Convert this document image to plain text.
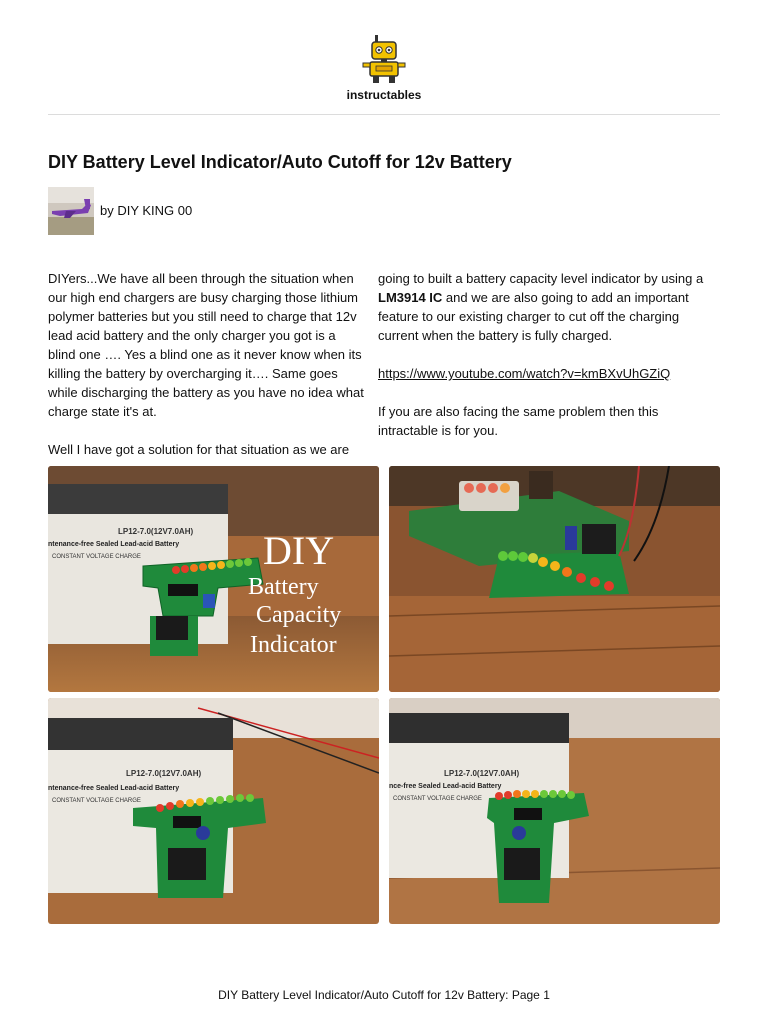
instructables
DIY Battery Level Indicator/Auto Cutoff for 12v Battery
by DIY KING 00

DIYers...We have all been through the situation when our high end chargers are busy charging those lithium polymer batteries but you still need to charge that 12v lead acid battery and the only charger you got is a blind one …. Yes a blind one as it never know when its killing the battery by overcharging it…. Same goes while discharging the battery as you have no idea what charge state it's at.

Well I have got a solution for that situation as we are

going to built a battery capacity level indicator by using a LM3914 IC and we are also going to add an important feature to our existing charger to cut off the charging current when the battery is fully charged.

https://www.youtube.com/watch?v=kmBXvUhGZiQ

If you are also facing the same problem then this intractable is for you.

LP12-7.0(12V7.0AH)
ntenance-free Sealed Lead-acid Battery
CONSTANT VOLTAGE CHARGE	DIY
Battery
Capacity
Indicator
LP12-7.0(12V7.0AH)
ntenance-free Sealed Lead-acid Battery
CONSTANT VOLTAGE CHARGE
LP12-7.0(12V7.0AH)
nce-free Sealed Lead-acid Battery
CONSTANT VOLTAGE CHARGE
DIY Battery Level Indicator/Auto Cutoff for 12v Battery: Page 1
